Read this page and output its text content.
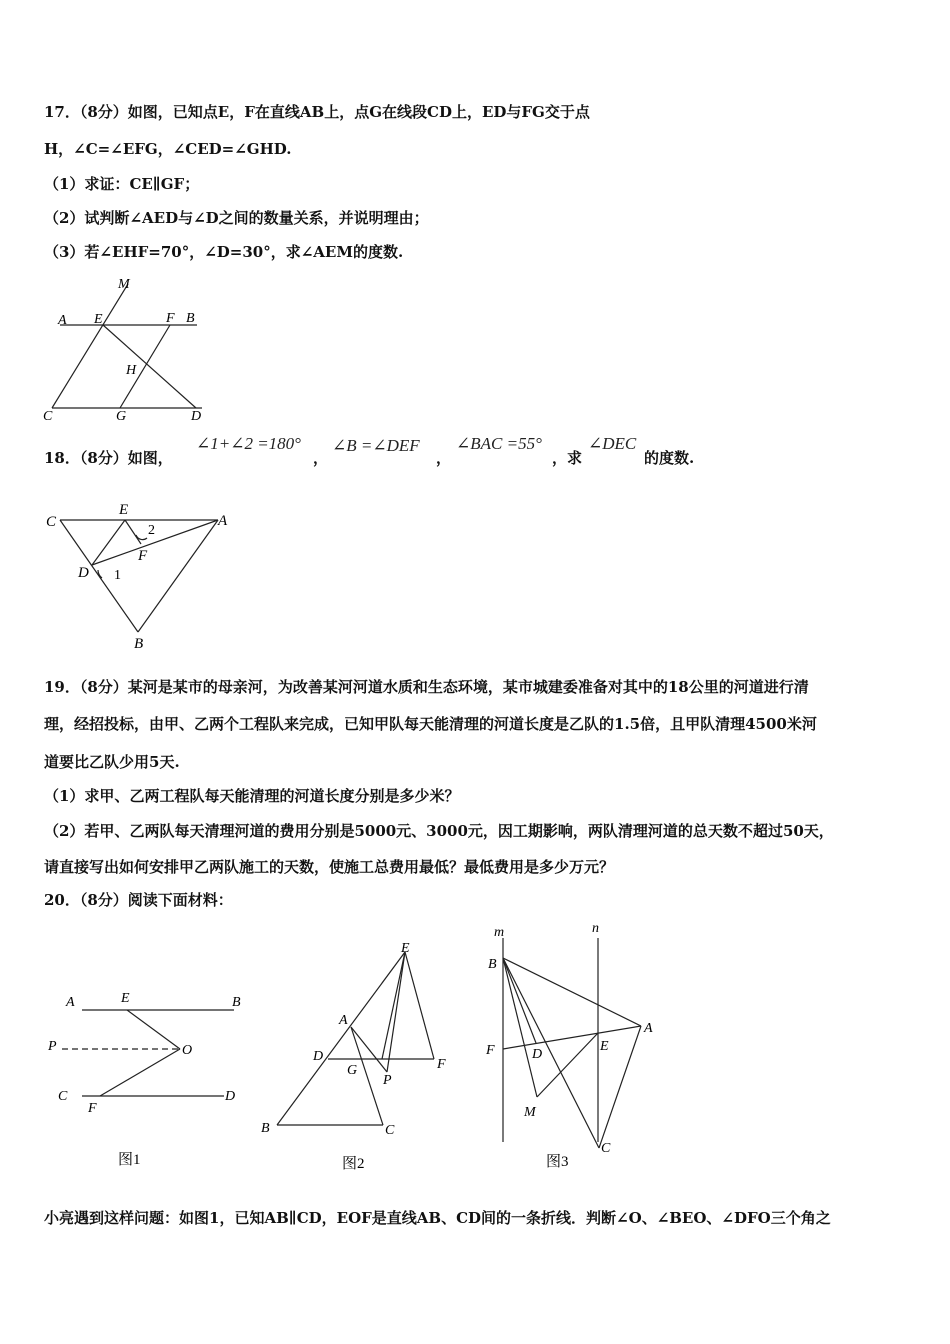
17．（8分）如图，已知点E，F在直线AB上，点G在线段CD上，ED与FG交于点
H，∠C=∠EFG，∠CED=∠GHD.
（1）求证：CE∥GF；
（2）试判断∠AED与∠D之间的数量关系，并说明理由；
（3）若∠EHF=70°，∠D=30°，求∠AEM的度数.
M
A E	F B
H
C	G	D
18．（8分）如图，
∠1+∠2 =180°
，
∠B =∠DEF
，
∠BAC =55°
，求
∠DEC
的度数.
C
E
A
2
F
D 1
B
19．（8分）某河是某市的母亲河，为改善某河河道水质和生态环境，某市城建委准备对其中的18公里的河道进行清
理，经招投标，由甲、乙两个工程队来完成，已知甲队每天能清理的河道长度是乙队的1.5倍，且甲队清理4500米河
道要比乙队少用5天.
（1）求甲、乙两工程队每天能清理的河道长度分别是多少米？
（2）若甲、乙两队每天清理河道的费用分别是5000元、3000元，因工期影响，两队清理河道的总天数不超过50天，
请直接写出如何安排甲乙两队施工的天数，使施工总费用最低？最低费用是多少万元？
20．（8分）阅读下面材料：
A	E	B
P	O
C
F
D
图1
E
A
D
G
P
F
B	C
图2
m	n
B
A
F	D
E
M
C
图3
小亮遇到这样问题：如图1，已知AB∥CD，EOF是直线AB、CD间的一条折线．判断∠O、∠BEO、∠DFO三个角之
